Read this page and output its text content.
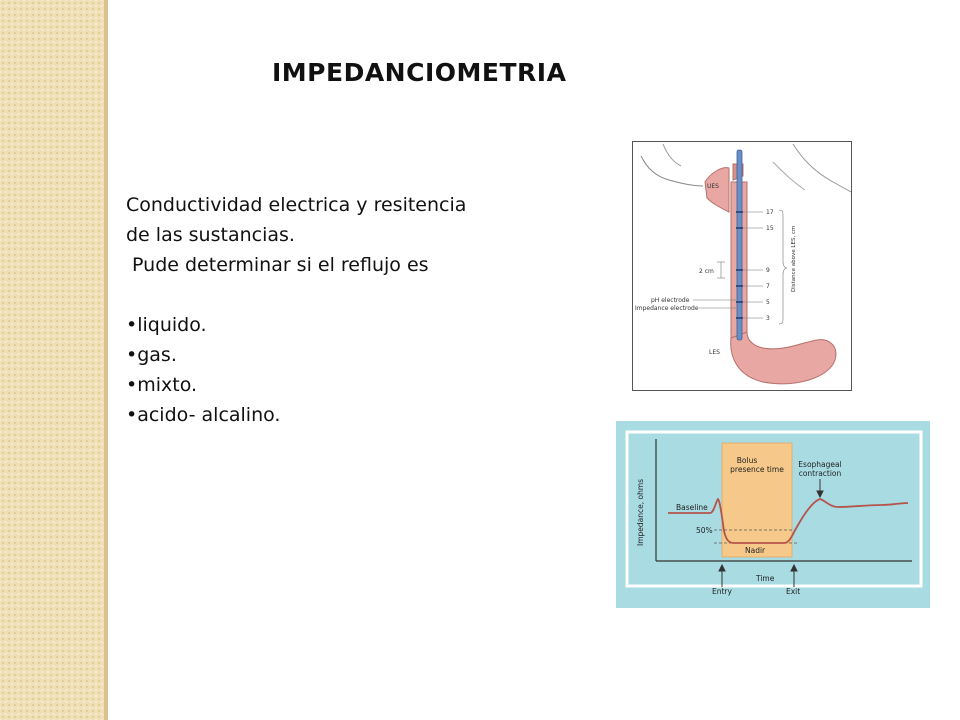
IMPEDANCIOMETRIA

Conductividad electrica y resitencia

de las sustancias.

Pude determinar si el reflujo es

• liquido.

• gas.

• mixto.

• acido- alcalino.

17
15
9
7
5
3
UES
2 cm
pH electrode
Impedance electrode
LES
Distance above LES, cm
Impedance, ohms	Baseline
50%
Nadir
Bolus
presence time
Esophageal
contraction
Time
Entry	Exit
